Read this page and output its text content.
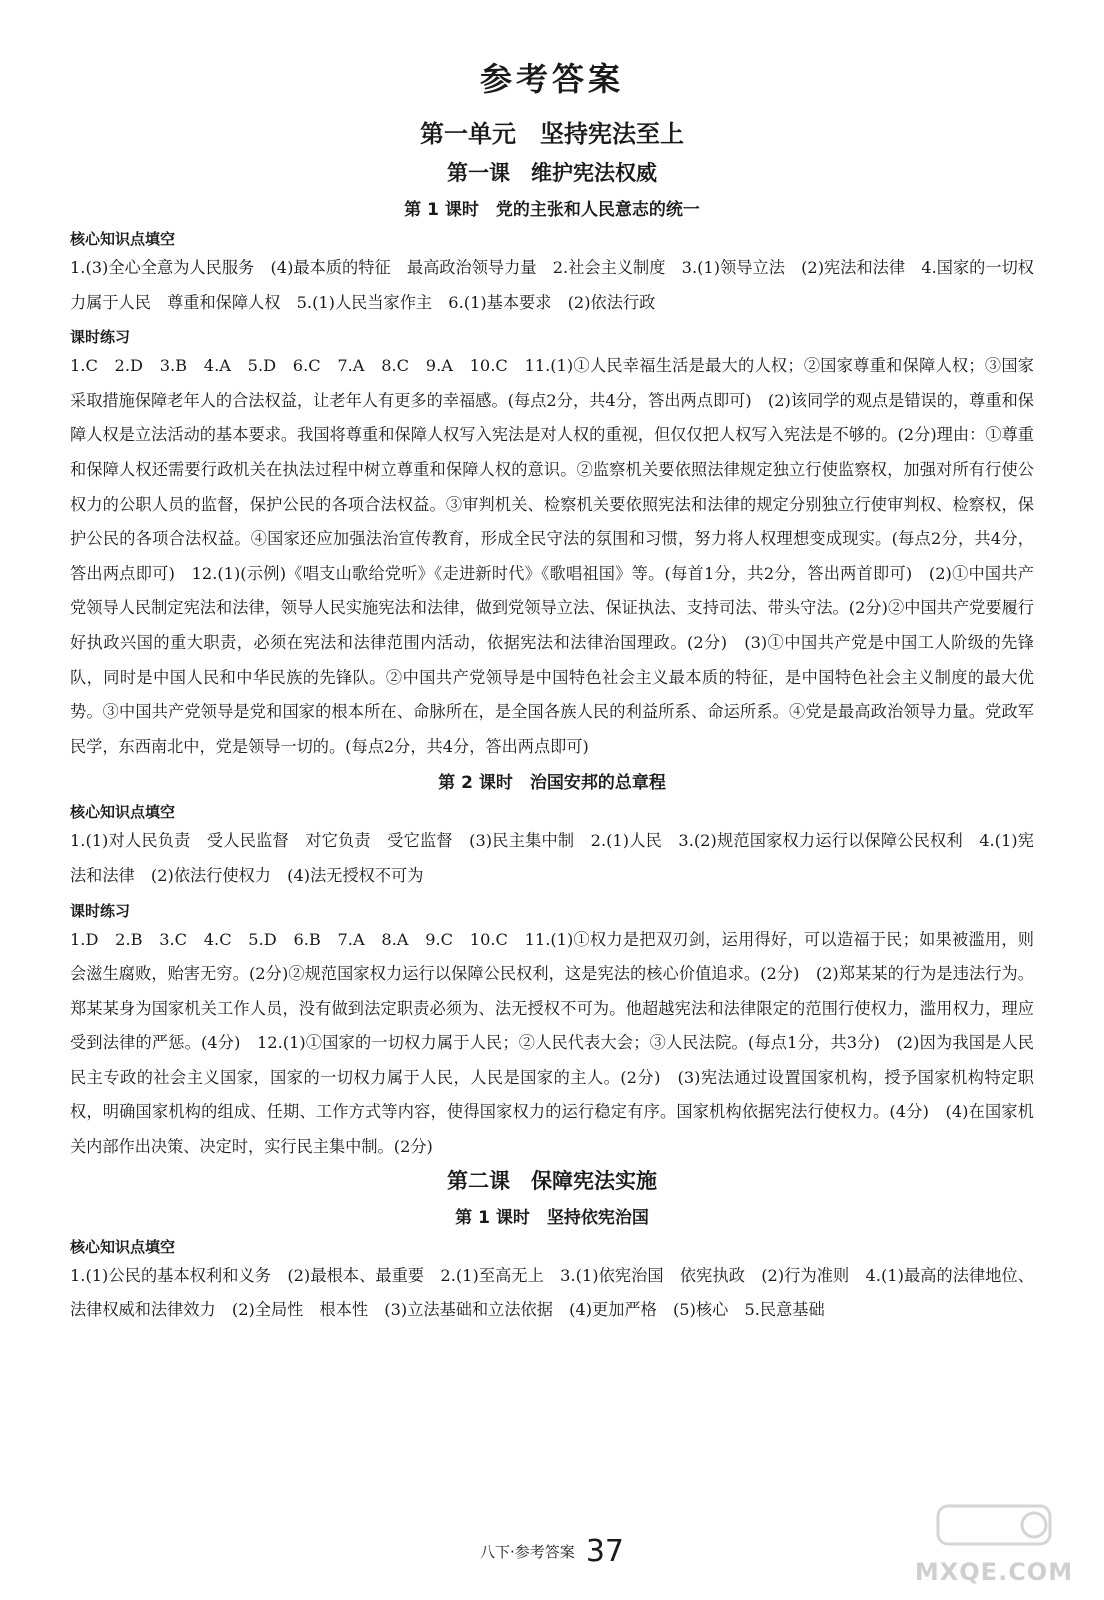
参考答案
第一单元　坚持宪法至上
第一课　维护宪法权威
第 1 课时　党的主张和人民意志的统一
核心知识点填空

1.(3)全心全意为人民服务　(4)最本质的特征　最高政治领导力量　2.社会主义制度　3.(1)领导立法　(2)宪法和法律　4.国家的一切权力属于人民　尊重和保障人权　5.(1)人民当家作主　6.(1)基本要求　(2)依法行政

课时练习

1.C　2.D　3.B　4.A　5.D　6.C　7.A　8.C　9.A　10.C　11.(1)①人民幸福生活是最大的人权；②国家尊重和保障人权；③国家采取措施保障老年人的合法权益，让老年人有更多的幸福感。(每点2分，共4分，答出两点即可)　(2)该同学的观点是错误的，尊重和保障人权是立法活动的基本要求。我国将尊重和保障人权写入宪法是对人权的重视，但仅仅把人权写入宪法是不够的。(2分)理由：①尊重和保障人权还需要行政机关在执法过程中树立尊重和保障人权的意识。②监察机关要依照法律规定独立行使监察权，加强对所有行使公权力的公职人员的监督，保护公民的各项合法权益。③审判机关、检察机关要依照宪法和法律的规定分别独立行使审判权、检察权，保护公民的各项合法权益。④国家还应加强法治宣传教育，形成全民守法的氛围和习惯，努力将人权理想变成现实。(每点2分，共4分，答出两点即可)　12.(1)(示例)《唱支山歌给党听》《走进新时代》《歌唱祖国》等。(每首1分，共2分，答出两首即可)　(2)①中国共产党领导人民制定宪法和法律，领导人民实施宪法和法律，做到党领导立法、保证执法、支持司法、带头守法。(2分)②中国共产党要履行好执政兴国的重大职责，必须在宪法和法律范围内活动，依据宪法和法律治国理政。(2分)　(3)①中国共产党是中国工人阶级的先锋队，同时是中国人民和中华民族的先锋队。②中国共产党领导是中国特色社会主义最本质的特征，是中国特色社会主义制度的最大优势。③中国共产党领导是党和国家的根本所在、命脉所在，是全国各族人民的利益所系、命运所系。④党是最高政治领导力量。党政军民学，东西南北中，党是领导一切的。(每点2分，共4分，答出两点即可)

第 2 课时　治国安邦的总章程
核心知识点填空

1.(1)对人民负责　受人民监督　对它负责　受它监督　(3)民主集中制　2.(1)人民　3.(2)规范国家权力运行以保障公民权利　4.(1)宪法和法律　(2)依法行使权力　(4)法无授权不可为

课时练习

1.D　2.B　3.C　4.C　5.D　6.B　7.A　8.A　9.C　10.C　11.(1)①权力是把双刃剑，运用得好，可以造福于民；如果被滥用，则会滋生腐败，贻害无穷。(2分)②规范国家权力运行以保障公民权利，这是宪法的核心价值追求。(2分)　(2)郑某某的行为是违法行为。郑某某身为国家机关工作人员，没有做到法定职责必须为、法无授权不可为。他超越宪法和法律限定的范围行使权力，滥用权力，理应受到法律的严惩。(4分)　12.(1)①国家的一切权力属于人民；②人民代表大会；③人民法院。(每点1分，共3分)　(2)因为我国是人民民主专政的社会主义国家，国家的一切权力属于人民，人民是国家的主人。(2分)　(3)宪法通过设置国家机构，授予国家机构特定职权，明确国家机构的组成、任期、工作方式等内容，使得国家权力的运行稳定有序。国家机构依据宪法行使权力。(4分)　(4)在国家机关内部作出决策、决定时，实行民主集中制。(2分)

第二课　保障宪法实施
第 1 课时　坚持依宪治国
核心知识点填空

1.(1)公民的基本权利和义务　(2)最根本、最重要　2.(1)至高无上　3.(1)依宪治国　依宪执政　(2)行为准则　4.(1)最高的法律地位、法律权威和法律效力　(2)全局性　根本性　(3)立法基础和立法依据　(4)更加严格　(5)核心　5.民意基础

八下·参考答案 37
MXQE.COM
